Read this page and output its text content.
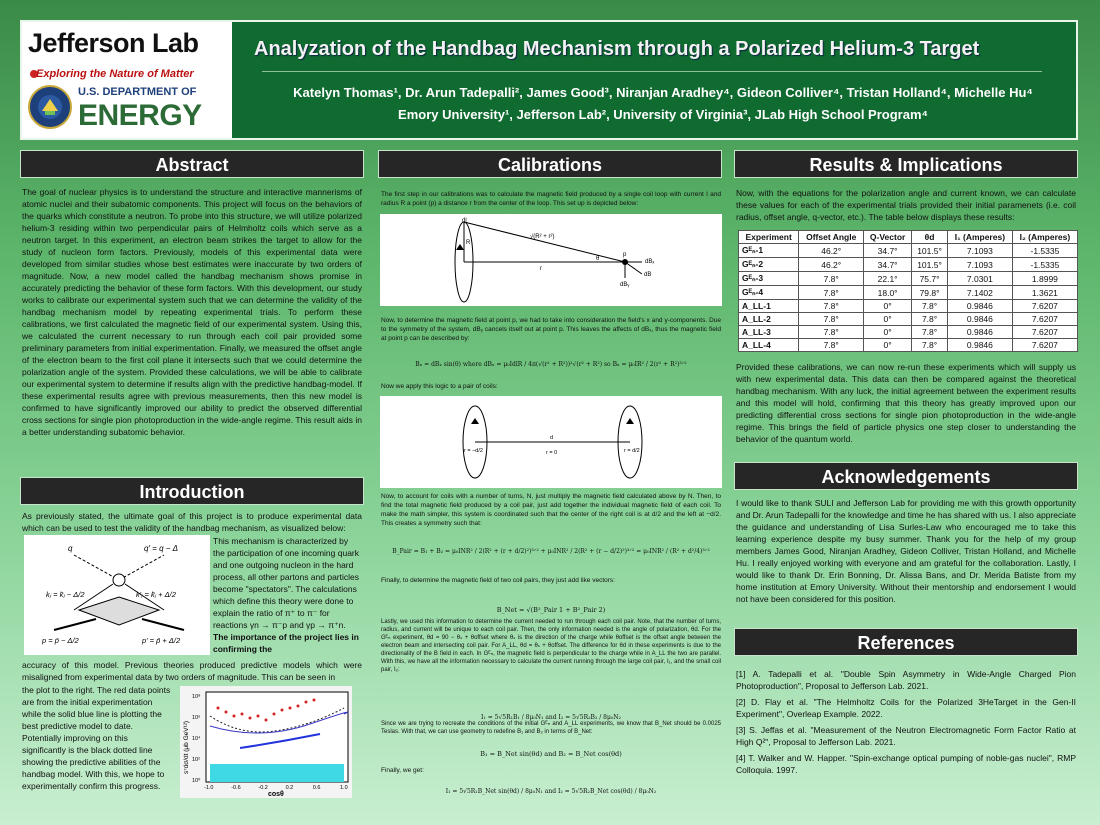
Jefferson Lab
Exploring the Nature of Matter
U.S. DEPARTMENT OF
ENERGY
Analyzation of the Handbag Mechanism through a Polarized Helium-3 Target
Katelyn Thomas¹, Dr. Arun Tadepalli², James Good³, Niranjan Aradhey⁴, Gideon Colliver⁴, Tristan Holland⁴, Michelle Hu⁴
Emory University¹, Jefferson Lab², University of Virginia³, JLab High School Program⁴
Abstract
The goal of nuclear physics is to understand the structure and interactive mannerisms of atomic nuclei and their subatomic components. This project will focus on the behaviors of the quarks which constitute a neutron. To probe into this structure, we will utilize polarized helium-3 residing within two perpendicular pairs of Helmholtz coils which serve as a neutron target. In this experiment, an electron beam strikes the target to allow for the study of nucleon form factors. Previously, models of this experimental data were developed from similar studies whose best estimates were inaccurate by two orders of magnitude. Now, a new model called the handbag mechanism shows promise in accurately predicting the behavior of these form factors. With this development, our study works to calibrate our experimental system such that we can determine the validity of the handbag mechanism model by repeating experimental trials. To perform these calibrations, we first calculated the magnetic field of our experimental system. Using this, we calculated the current necessary to run through each coil pair provided some preliminary parameters from initial experimentation. Finally, we measured the offset angle of the electron beam to the first coil plane it intersects such that we could determine the polarization angle of the system. Provided these calculations, we will be able to calibrate our experimental system to determine if results align with the predictive handbag-model. If these experimental results agree with previous measurements, then this new model is confirmed to have significantly improved our ability to predict the observed differential cross sections for single pion photoproduction in the wide-angle regime. This result aids in a better understanding subatomic behavior.
Introduction
As previously stated, the ultimate goal of this project is to produce experimental data which can be used to test the validity of the handbag mechanism, as visualized below:
q	q′ = q − Δ
kⱼ = k̄ⱼ − Δ/2	k′ⱼ = k̄ⱼ + Δ/2
p = p̄ − Δ/2	p′ = p̄ + Δ/2
This mechanism is characterized by the participation of one incoming quark and one outgoing nucleon in the hard process, all other partons and particles become "spectators". The calculations which define this theory were done to explain the ratio of π⁺ to π⁻ for reactions γn → π⁻p and γp → π⁺n. The importance of the project lies in confirming the
accuracy of this model. Previous theories produced predictive models which were misaligned from experimental data by two orders of magnitude. This can be seen in
the plot to the right. The red data points are from the initial experimentation while the solid blue line is plotting the best predictive model to date. Potentially improving on this significantly is the black dotted line showing the predictive abilities of the handbag model. With this, we hope to experimentally confirm this progress.
s⁷dσ/dt (μb GeV¹²)
cosθ
10⁸
10⁶
10⁴
10²
10⁰
-1.0	-0.6	-0.2	0.2	0.6	1.0
Calibrations
The first step in our calibrations was to calculate the magnetic field produced by a single coil loop with current I and radius R a point (p) a distance r from the center of the loop. This set up is depicted below:
dl
R
√(R² + r²)
r
θ
p
dBₓ
dB
dBᵧ
Now, to determine the magnetic field at point p, we had to take into consideration the field's x and y-components. Due to the symmetry of the system, dBᵧ cancels itself out at point p. This leaves the affects of dBₓ, thus the magnetic field at point p can be described by:
Bₓ = dBₓ sin(θ) where dBₓ = μ₀IdlR / 4π(√(r² + R²))²√(r² + R²) so Bₓ = μ₀IR² / 2(r² + R²)³ᐟ²
Now we apply this logic to a pair of coils:
r = −d/2	r = 0	r = d/2
d
Now, to account for coils with a number of turns, N, just multiply the magnetic field calculated above by N. Then, to find the total magnetic field produced by a coil pair, just add together the individual magnetic field of each coil. To make the math simpler, this system is coordinated such that the center of the right coil is at d/2 and the left at −d/2. This creates a symmetry such that:
B_Pair = B₁ + B₂ = μ₀INR² / 2(R² + (r + d/2)²)³ᐟ² + μ₀INR² / 2(R² + (r − d/2)²)³ᐟ² = μ₀INR² / (R² + d²/4)³ᐟ²
Finally, to determine the magnetic field of two coil pairs, they just add like vectors:
B_Net = √(B²_Pair 1 + B²_Pair 2)
Lastly, we used this information to determine the current needed to run through each coil pair. Note, that the number of turns, radius, and current will be unique to each coil pair. Then, the only information needed is the angle of polarization, θd. For the Gᴱₙ experiment, θd = 90 − θₛ + θoffset where θₛ is the direction of the charge while θoffset is the offset angle between the electron beam and intersecting coil pair. For A_LL, θd = θₛ + θoffset. The difference for θd in these experiments is due to the directionality of the B field in each. In Gᴱₙ, the magnetic field is perpendicular to the charge while in A_LL the two are parallel. With this, we have all the information necessary to calculate the current running through the large coil pair, I₁, and the small coil pair, I₂:
I₁ = 5√5R₁B₁ / 8μ₀N₁ and I₂ = 5√5R₂B₂ / 8μ₀N₂
Since we are trying to recreate the conditions of the initial Gᴱₙ and A_LL experiments, we know that B_Net should be 0.0025 Teslas. With that, we can use geometry to redefine B₁ and B₂ in terms of B_Net:
B₁ = B_Net sin(θd) and B₂ = B_Net cos(θd)
Finally, we get:
I₁ = 5√5R₁B_Net sin(θd) / 8μ₀N₁ and I₂ = 5√5R₂B_Net cos(θd) / 8μ₀N₂
Results & Implications
Now, with the equations for the polarization angle and current known, we can calculate these values for each of the experimental trials provided their initial paramenets (i.e. coil radius, offset angle, q-vector, etc.). The table below displays these results:
Experiment	Offset Angle	Q-Vector	θd	I₁ (Amperes)	I₂ (Amperes)
Gᴱₙ-1	46.2°	34.7°	101.5°	7.1093	-1.5335
Gᴱₙ-2	46.2°	34.7°	101.5°	7.1093	-1.5335
Gᴱₙ-3	7.8°	22.1°	75.7°	7.0301	1.8999
Gᴱₙ-4	7.8°	18.0°	79.8°	7.1402	1.3621
A_LL-1	7.8°	0°	7.8°	0.9846	7.6207
A_LL-2	7.8°	0°	7.8°	0.9846	7.6207
A_LL-3	7.8°	0°	7.8°	0.9846	7.6207
A_LL-4	7.8°	0°	7.8°	0.9846	7.6207
Provided these calibrations, we can now re-run these experiments which will supply us with new experimental data. This data can then be compared against the theoretical handbag mechanism. With any luck, the initial agreement between the experiment results and this model will hold, confirming that this theory has greatly improved upon our predicting differential cross sections for single pion photoproduction in the wide-angle regime. This brings the field of particle physics one step closer to understanding the behavior of the quantum world.
Acknowledgements
I would like to thank SULI and Jefferson Lab for providing me with this growth opportunity and Dr. Arun Tadepalli for the knowledge and time he has shared with us. I also appreciate the guidance and understanding of Lisa Surles-Law who encouraged me to take this learning experience despite my busy summer. Thank you for the help of my group members James Good, Niranjan Aradhey, Gideon Colliver, Tristan Holland, and Michelle Hu. I really enjoyed working with everyone and am grateful for the collaboration. Lastly, I would like to thank Dr. Erin Bonning, Dr. Alissa Bans, and Dr. Merida Batiste from my home institution at Emory University. Without their mentorship and endorsement I would not have been considered for this position.
References

[1] A. Tadepalli et al. "Double Spin Asymmetry in Wide-Angle Charged Pion Photoproduction", Proposal to Jefferson Lab. 2021.

[2] D. Flay et al. "The Helmholtz Coils for the Polarized 3HeTarget in the Gen-II Experiment", Overleap Example. 2022.

[3] S. Jeffas et al. "Measurement of the Neutron Electromagnetic Form Factor Ratio at High Q²", Proposal to Jefferson Lab. 2021.

[4] T. Walker and W. Happer. "Spin-exchange optical pumping of noble-gas nuclei", RMP Colloquia. 1997.
